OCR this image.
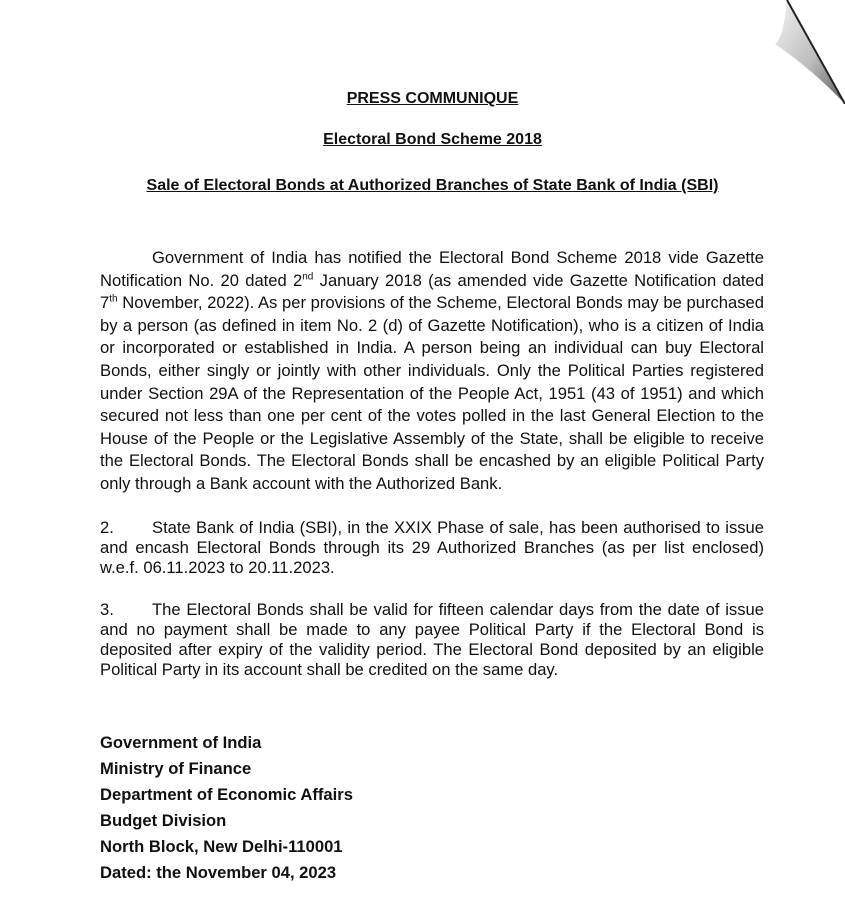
PRESS COMMUNIQUE
Electoral Bond Scheme 2018
Sale of Electoral Bonds at Authorized Branches of State Bank of India (SBI)

Government of India has notified the Electoral Bond Scheme 2018 vide Gazette Notification No. 20 dated 2nd January 2018 (as amended vide Gazette Notification dated 7th November, 2022). As per provisions of the Scheme, Electoral Bonds may be purchased by a person (as defined in item No. 2 (d) of Gazette Notification), who is a citizen of India or incorporated or established in India. A person being an individual can buy Electoral Bonds, either singly or jointly with other individuals. Only the Political Parties registered under Section 29A of the Representation of the People Act, 1951 (43 of 1951) and which secured not less than one per cent of the votes polled in the last General Election to the House of the People or the Legislative Assembly of the State, shall be eligible to receive the Electoral Bonds. The Electoral Bonds shall be encashed by an eligible Political Party only through a Bank account with the Authorized Bank.

2. State Bank of India (SBI), in the XXIX Phase of sale, has been authorised to issue and encash Electoral Bonds through its 29 Authorized Branches (as per list enclosed) w.e.f. 06.11.2023 to 20.11.2023.

3. The Electoral Bonds shall be valid for fifteen calendar days from the date of issue and no payment shall be made to any payee Political Party if the Electoral Bond is deposited after expiry of the validity period. The Electoral Bond deposited by an eligible Political Party in its account shall be credited on the same day.

Government of India
Ministry of Finance
Department of Economic Affairs
Budget Division
North Block, New Delhi-110001
Dated: the November 04, 2023
